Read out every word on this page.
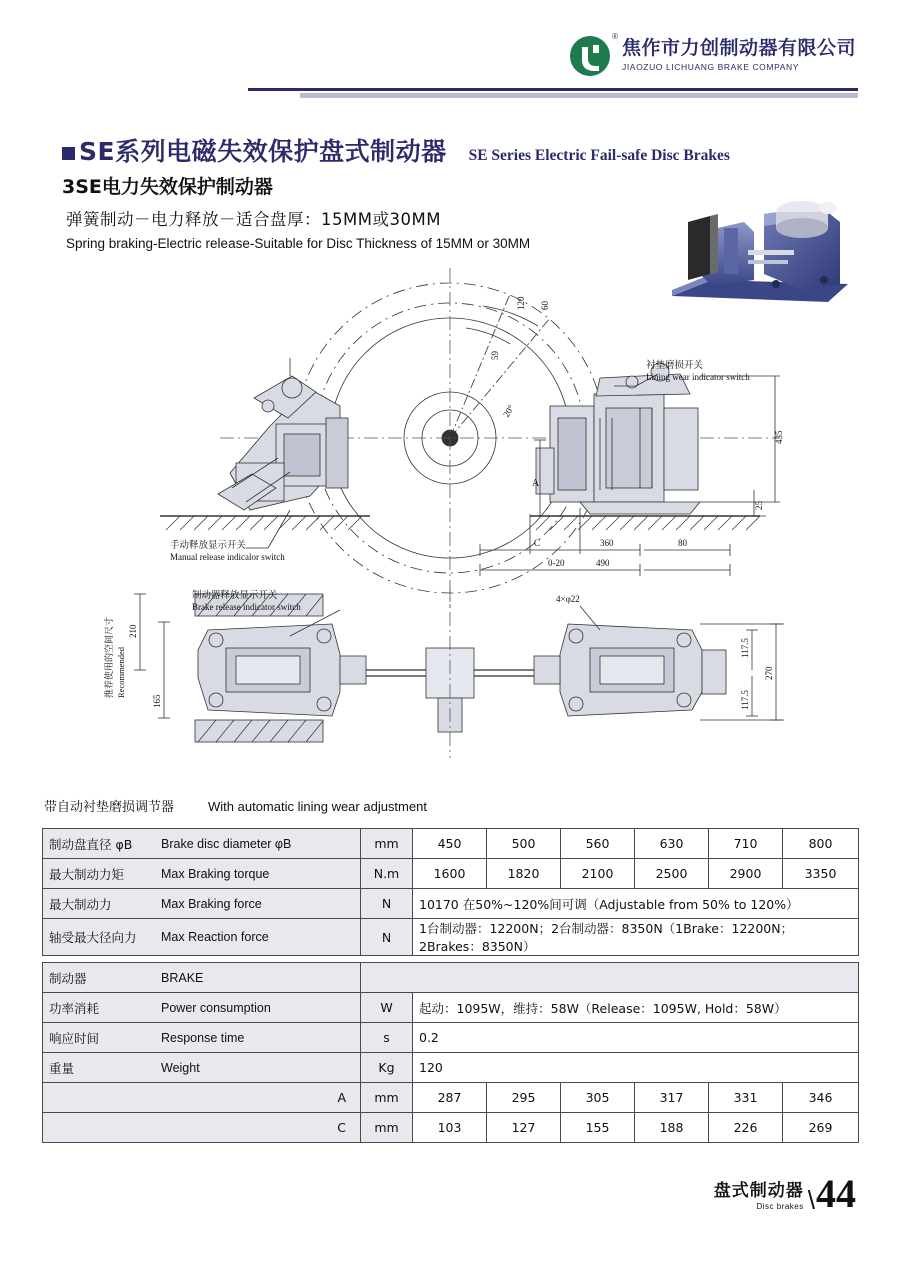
®
焦作市力创制动器有限公司
JIAOZUO LICHUANG BRAKE COMPANY
SE系列电磁失效保护盘式制动器 SE Series Electric Fail-safe Disc Brakes
3SE电力失效保护制动器
弹簧制动－电力释放－适合盘厚：15MM或30MM
Spring braking-Electric release-Suitable for Disc Thickness of 15MM or 30MM
衬垫磨损开关
Lining wear indicator switch
手动释放显示开关
Manual release indicalor switch
制动器释放显示开关
Brake release indicator switch
4×φ22
435
25
A
C
0-20
360
490
80
120 60
59
20°
210
165
117.5
270
117.5
推荐使用的空间尺寸 Recommended
带自动衬垫磨损调节器	With automatic lining wear adjustment
制动盘直径 φB Brake disc diameter φB	mm	450	500	560	630	710	800

最大制动力矩 Max Braking torque	N.m	1600	1820	2100	2500	2900	3350

最大制动力 Max Braking force	N	10170 在50%~120%间可调（Adjustable from 50% to 120%）					

轴受最大径向力 Max Reaction force	N	1台制动器：12200N；2台制动器：8350N（1Brake：12200N；2Brakes：8350N）					
制动器 BRAKE							

功率消耗 Power consumption	W	起动：1095W，维持：58W（Release：1095W, Hold：58W）					

响应时间 Response time	s	0.2					

重量 Weight	Kg	120					
A	mm	287	295	305	317	331	346
C	mm	103	127	155	188	226	269
盘式制动器
Disc brakes \ 44
